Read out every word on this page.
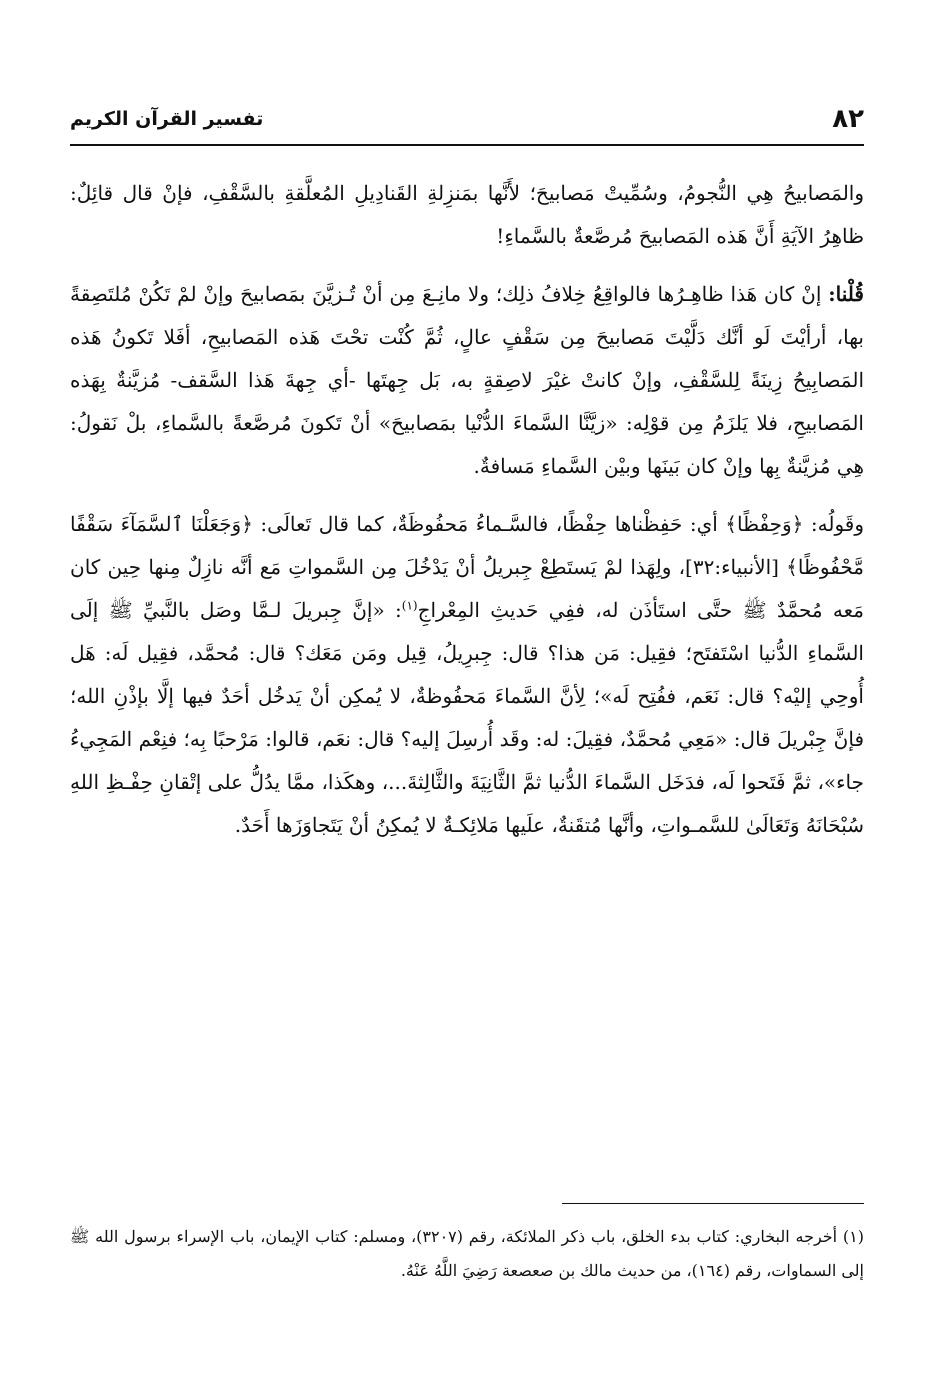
٨٢
تفسير القرآن الكريم

والمَصابيحُ هِي النُّجومُ، وسُمِّيتْ مَصابيحَ؛ لأَنَّها بمَنزِلةِ القَنادِيلِ المُعلَّقةِ بالسَّقْفِ، فإنْ قال قائِلٌ: ظاهِرُ الآيَةِ أَنَّ هَذه المَصابيحَ مُرصَّعةٌ بالسَّماءِ!

قُلْنا: إنْ كان هَذا ظاهِـرُها فالواقِعُ خِلافُ ذلِك؛ ولا مانِـعَ مِن أنْ تُـزيَّنَ بمَصابيحَ وإنْ لمْ تَكُنْ مُلتَصِقةً بها، أرأيْتَ لَو أنَّك دَلَّيْتَ مَصابيحَ مِن سَقْفٍ عالٍ، ثُمَّ كُنْت تحْتَ هَذه المَصابيحِ، أفَلا تَكونُ هَذه المَصابِيحُ زِينَةً لِلسَّقْفِ، وإنْ كانتْ غيْرَ لاصِقةٍ به، بَل جِهتَها -أي جِهةَ هَذا السَّقف- مُزيَّنةٌ بِهَذه المَصابيحِ، فلا يَلزَمُ مِن قوْلِه: «زيَّنَّا السَّماءَ الدُّنْيا بمَصابيحَ» أنْ تَكونَ مُرصَّعةً بالسَّماءِ، بلْ نَقولُ: هِي مُزيَّنةٌ بِها وإنْ كان بَينَها وبيْن السَّماءِ مَسافةٌ.

وقَولُه: ﴿وَحِفْظًا﴾ أي: حَفِظْناها حِفْظًا، فالسَّـماءُ مَحفُوظَةٌ، كما قال تَعالَى: ﴿وَجَعَلْنَا ٱلسَّمَآءَ سَقْفًا مَّحْفُوظًا﴾ [الأنبياء:٣٢]، ولِهَذا لمْ يَستَطِعْ جِبريلُ أنْ يَدْخُلَ مِن السَّمواتِ مَع أنَّه نازِلٌ مِنها حِين كان مَعه مُحمَّدٌ ﷺ حتَّى استَأذَن له، ففِي حَديثِ المِعْراجِ$^{(١)}$: «إنَّ جِبريلَ لـمَّا وصَل بالنَّبيِّ ﷺ إلَى السَّماءِ الدُّنيا اسْتَفتَح؛ فقِيل: مَن هذا؟ قال: جِبرِيلُ، قِيل ومَن مَعَك؟ قال: مُحمَّد، فقِيل لَه: هَل أُوحِي إليْه؟ قال: نَعَم، ففُتِح لَه»؛ لِأنَّ السَّماءَ مَحفُوظةٌ، لا يُمكِن أنْ يَدخُل أحَدٌ فيها إلَّا بإذْنِ الله؛ فإنَّ جِبْريلَ قال: «مَعِي مُحمَّدٌ، فقِيلَ: له: وقَد أُرسِلَ إليه؟ قال: نعَم، قالوا: مَرْحبًا بِه؛ فنِعْم المَجِيءُ جاء»، ثمَّ فَتَحوا لَه، فدَخَل السَّماءَ الدُّنيا ثمَّ الثَّانِيَةَ والثَّالِثةَ...، وهكَذا، ممَّا يدُلُّ على إتْقانِ حِفْـظِ اللهِ سُبْحَانَهُ وَتَعَالَىٰ للسَّمـواتِ، وأنَّها مُتقَنةٌ، علَيها مَلائِكـةٌ لا يُمكِنُ أنْ يَتَجاوَزَها أَحَدٌ.

(١) أخرجه البخاري: كتاب بدء الخلق، باب ذكر الملائكة، رقم (٣٢٠٧)، ومسلم: كتاب الإيمان، باب الإسراء برسول الله ﷺ إلى السماوات، رقم (١٦٤)، من حديث مالك بن صعصعة رَضِيَ اللَّهُ عَنْهُ.
